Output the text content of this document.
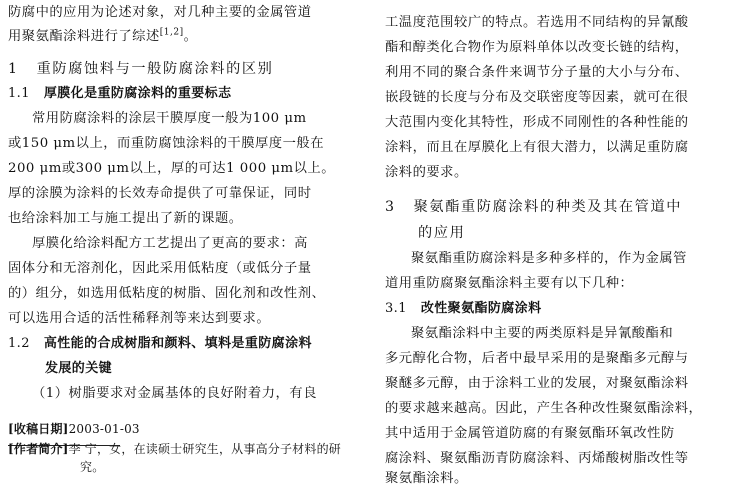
防腐中的应用为论述对象，对几种主要的金属管道
用聚氨酯涂料进行了综述[1,2]。
1 重防腐蚀料与一般防腐涂料的区别
1.1 厚膜化是重防腐涂料的重要标志
常用防腐涂料的涂层干膜厚度一般为100 μm
或150 μm以上，而重防腐蚀涂料的干膜厚度一般在
200 μm或300 μm以上，厚的可达1 000 μm以上。
厚的涂膜为涂料的长效寿命提供了可靠保证，同时
也给涂料加工与施工提出了新的课题。
厚膜化给涂料配方工艺提出了更高的要求：高
固体分和无溶剂化，因此采用低粘度（或低分子量
的）组分，如选用低粘度的树脂、固化剂和改性剂、
可以选用合适的活性稀释剂等来达到要求。
1.2 高性能的合成树脂和颜料、填料是重防腐涂料
发展的关键
（1）树脂要求对金属基体的良好附着力，有良
[收稿日期]2003-01-03
[作者简介]李 宁，女，在读硕士研究生，从事高分子材料的研
究。
工温度范围较广的特点。若选用不同结构的异氰酸
酯和醇类化合物作为原料单体以改变长链的结构，
利用不同的聚合条件来调节分子量的大小与分布、
嵌段链的长度与分布及交联密度等因素，就可在很
大范围内变化其特性，形成不同刚性的各种性能的
涂料，而且在厚膜化上有很大潜力，以满足重防腐
涂料的要求。
3 聚氨酯重防腐涂料的种类及其在管道中
的应用
聚氨酯重防腐涂料是多种多样的，作为金属管
道用重防腐聚氨酯涂料主要有以下几种：
3.1 改性聚氨酯防腐涂料
聚氨酯涂料中主要的两类原料是异氰酸酯和
多元醇化合物，后者中最早采用的是聚酯多元醇与
聚醚多元醇，由于涂料工业的发展，对聚氨酯涂料
的要求越来越高。因此，产生各种改性聚氨酯涂料，
其中适用于金属管道防腐的有聚氨酯环氧改性防
腐涂料、聚氨酯沥青防腐涂料、丙烯酸树脂改性等
聚氨酯涂料。
